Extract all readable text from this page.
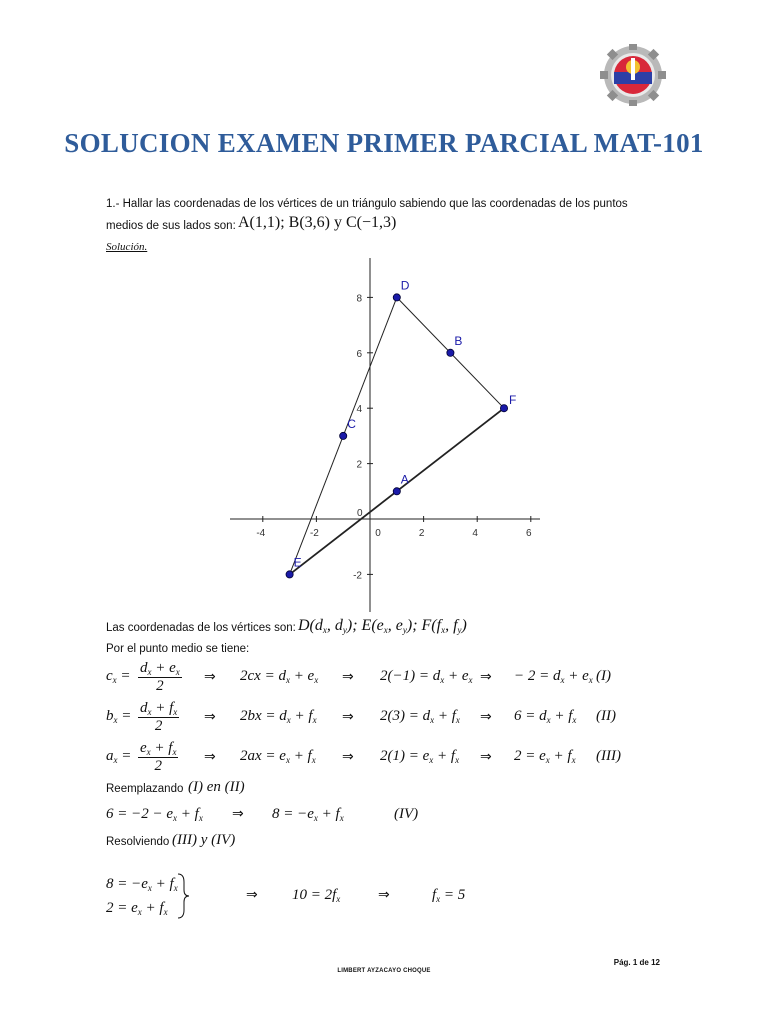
SOLUCION EXAMEN PRIMER PARCIAL MAT-101
1.- Hallar las coordenadas de los vértices de un triángulo sabiendo que las coordenadas de los puntos
medios de sus lados son: A(1,1); B(3,6) y C(−1,3)
Solución.
-4	-2	0	2	4	6
-2
2
4
6
8
0
D
B
F
C
A
E
Las coordenadas de los vértices son: $D(d_x$, $d_y$); $E(e_x$, $e_y$); $F(f_x$, $f_y$)
Por el punto medio se tiene:
$c_x = \frac{d_x + e_x}{2}$ ⇒ $2cx = d_x + e_x$ ⇒ $2(-1) = d_x + e_x$ ⇒ − $2 = d_x + e_x$ (I)
$b_x = \frac{d_x + f_x}{2}$ ⇒ $2bx = d_x + f_x$ ⇒ $2(3) = d_x + f_x$ ⇒ $6 = d_x + f_x$ (II)
$a_x = \frac{e_x + f_x}{2}$ ⇒ $2ax = e_x + f_x$ ⇒ $2(1) = e_x + f_x$ ⇒ $2 = e_x + f_x$ (III)
Reemplazando (I) en (II)
$6 = -2 - e_x + f_x$ ⇒ $8 = -e_x + f_x$	(IV)
Resolviendo (III) y (IV)
$8 = -e_x + f_x$
$2 = e_x + f_x$
⇒ $10 = 2f_x$	⇒	$f_x = 5$
Pág. 1 de 12
LIMBERT AYZACAYO CHOQUE
